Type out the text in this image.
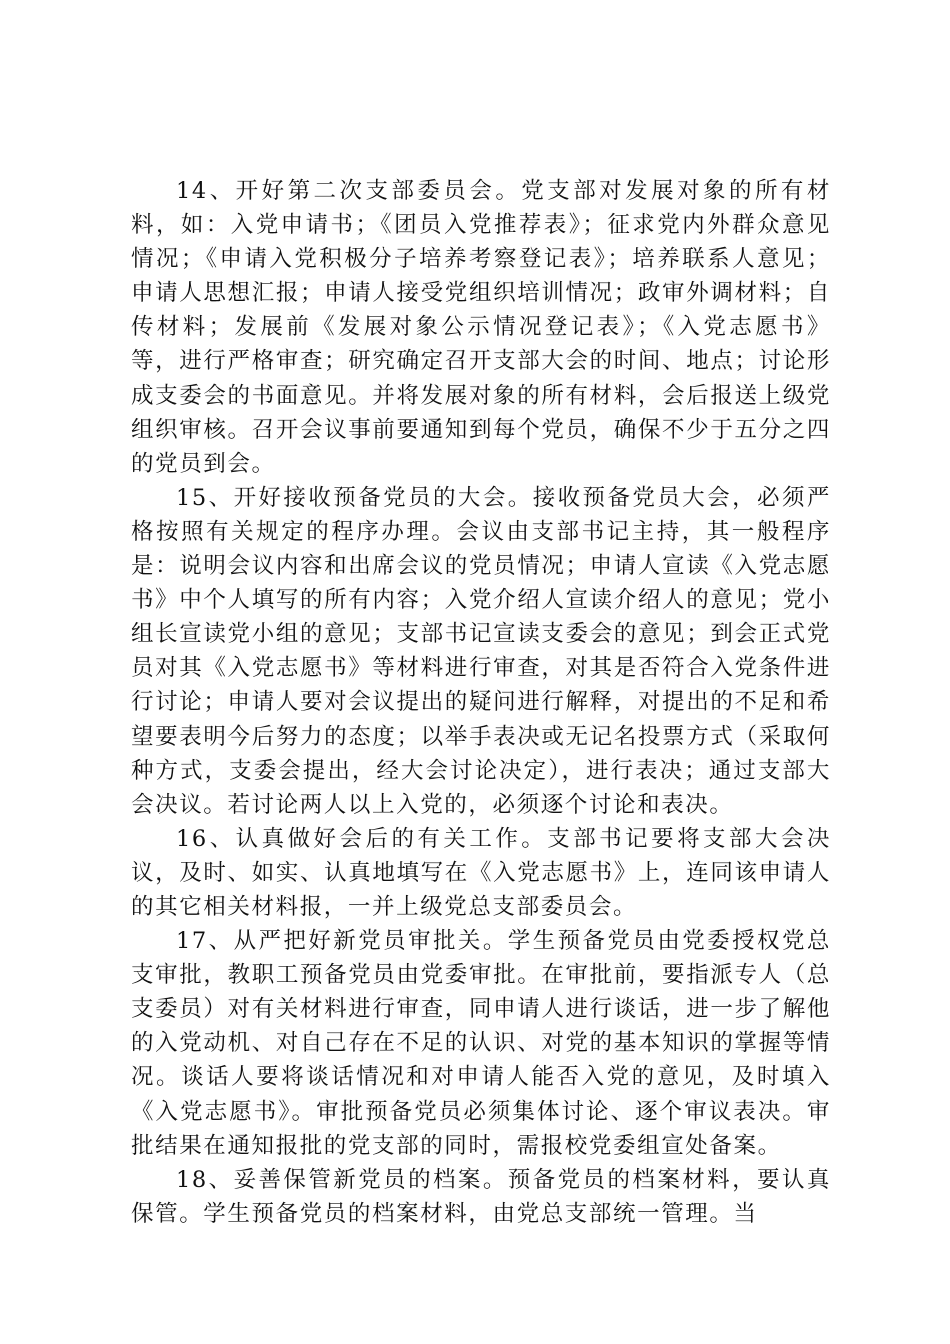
14、开好第二次支部委员会。党支部对发展对象的所有材料，如：入党申请书；《团员入党推荐表》；征求党内外群众意见情况；《申请入党积极分子培养考察登记表》；培养联系人意见；申请人思想汇报；申请人接受党组织培训情况；政审外调材料；自传材料；发展前《发展对象公示情况登记表》；《入党志愿书》等，进行严格审查；研究确定召开支部大会的时间、地点；讨论形成支委会的书面意见。并将发展对象的所有材料，会后报送上级党组织审核。召开会议事前要通知到每个党员，确保不少于五分之四的党员到会。

15、开好接收预备党员的大会。接收预备党员大会，必须严格按照有关规定的程序办理。会议由支部书记主持，其一般程序是：说明会议内容和出席会议的党员情况；申请人宣读《入党志愿书》中个人填写的所有内容；入党介绍人宣读介绍人的意见；党小组长宣读党小组的意见；支部书记宣读支委会的意见；到会正式党员对其《入党志愿书》等材料进行审查，对其是否符合入党条件进行讨论；申请人要对会议提出的疑问进行解释，对提出的不足和希望要表明今后努力的态度；以举手表决或无记名投票方式（采取何种方式，支委会提出，经大会讨论决定），进行表决；通过支部大会决议。若讨论两人以上入党的，必须逐个讨论和表决。

16、认真做好会后的有关工作。支部书记要将支部大会决议，及时、如实、认真地填写在《入党志愿书》上，连同该申请人的其它相关材料报，一并上级党总支部委员会。

17、从严把好新党员审批关。学生预备党员由党委授权党总支审批，教职工预备党员由党委审批。在审批前，要指派专人（总支委员）对有关材料进行审查，同申请人进行谈话，进一步了解他的入党动机、对自己存在不足的认识、对党的基本知识的掌握等情况。谈话人要将谈话情况和对申请人能否入党的意见，及时填入《入党志愿书》。审批预备党员必须集体讨论、逐个审议表决。审批结果在通知报批的党支部的同时，需报校党委组宣处备案。

18、妥善保管新党员的档案。预备党员的档案材料，要认真保管。学生预备党员的档案材料，由党总支部统一管理。当
